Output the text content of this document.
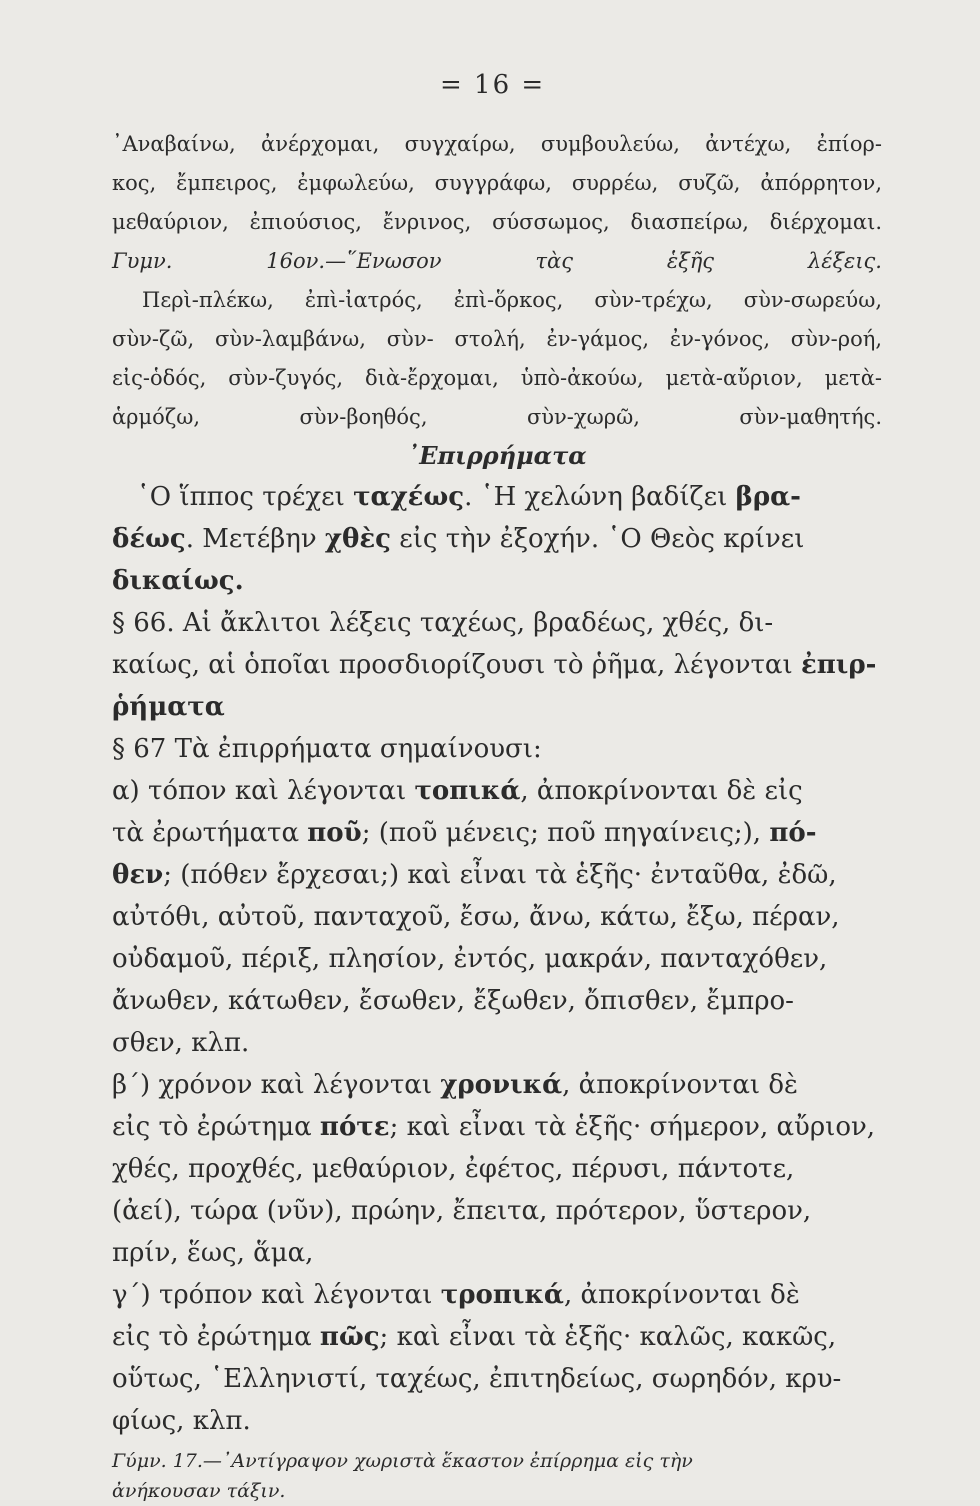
= 16 =
᾿Αναβαίνω, ἀνέρχομαι, συγχαίρω, συμβουλεύω, ἀντέχω, ἐπίορ-
κος, ἔμπειρος, ἐμφωλεύω, συγγράφω, συρρέω, συζῶ, ἀπόρρητον,
μεθαύριον, ἐπιούσιος, ἔνρινος, σύσσωμος, διασπείρω, διέρχομαι.
Γυμν. 16ον.—῞Ενωσον τὰς ἑξῆς λέξεις.
Περὶ-πλέκω, ἐπὶ-ἰατρός, ἐπὶ-ὅρκος, σὺν-τρέχω, σὺν-σωρεύω,
σὺν-ζῶ, σὺν-λαμβάνω, σὺν- στολή, ἐν-γάμος, ἐν-γόνος, σὺν-ροή,
εἰς-ὁδός, σὺν-ζυγός, διὰ-ἔρχομαι, ὑπὸ-ἀκούω, μετὰ-αὔριον, μετὰ-
ἁρμόζω, σὺν-βοηθός, σὺν-χωρῶ, σὺν-μαθητής.
᾿Επιρρήματα
῾Ο ἵππος τρέχει ταχέως. ῾Η χελώνη βαδίζει βρα-
δέως. Μετέβην χθὲς εἰς τὴν ἐξοχήν. ῾Ο Θεὸς κρίνει
δικαίως.
§ 66. Αἱ ἄκλιτοι λέξεις ταχέως, βραδέως, χθές, δι-
καίως, αἱ ὁποῖαι προσδιορίζουσι τὸ ῥῆμα, λέγονται ἐπιρ-
ῥήματα
§ 67 Τὰ ἐπιρρήματα σημαίνουσι:
α) τόπον καὶ λέγονται τοπικά, ἀποκρίνονται δὲ εἰς
τὰ ἐρωτήματα ποῦ; (ποῦ μένεις; ποῦ πηγαίνεις;), πό-
θεν; (πόθεν ἔρχεσαι;) καὶ εἶναι τὰ ἑξῆς· ἐνταῦθα, ἐδῶ,
αὐτόθι, αὐτοῦ, πανταχοῦ, ἔσω, ἄνω, κάτω, ἔξω, πέραν,
οὐδαμοῦ, πέριξ, πλησίον, ἐντός, μακράν, πανταχόθεν,
ἄνωθεν, κάτωθεν, ἔσωθεν, ἔξωθεν, ὄπισθεν, ἔμπρο-
σθεν, κλπ.
β΄) χρόνον καὶ λέγονται χρονικά, ἀποκρίνονται δὲ
εἰς τὸ ἐρώτημα πότε; καὶ εἶναι τὰ ἑξῆς· σήμερον, αὔριον,
χθές, προχθές, μεθαύριον, ἐφέτος, πέρυσι, πάντοτε,
(ἀεί), τώρα (νῦν), πρώην, ἔπειτα, πρότερον, ὕστερον,
πρίν, ἕως, ἅμα,
γ΄) τρόπον καὶ λέγονται τροπικά, ἀποκρίνονται δὲ
εἰς τὸ ἐρώτημα πῶς; καὶ εἶναι τὰ ἑξῆς· καλῶς, κακῶς,
οὕτως, ῾Ελληνιστί, ταχέως, ἐπιτηδείως, σωρηδόν, κρυ-
φίως, κλπ.
Γύμν. 17.—᾿Αντίγραψον χωριστὰ ἕκαστον ἐπίρρημα εἰς τὴν
ἀνήκουσαν τάξιν.
